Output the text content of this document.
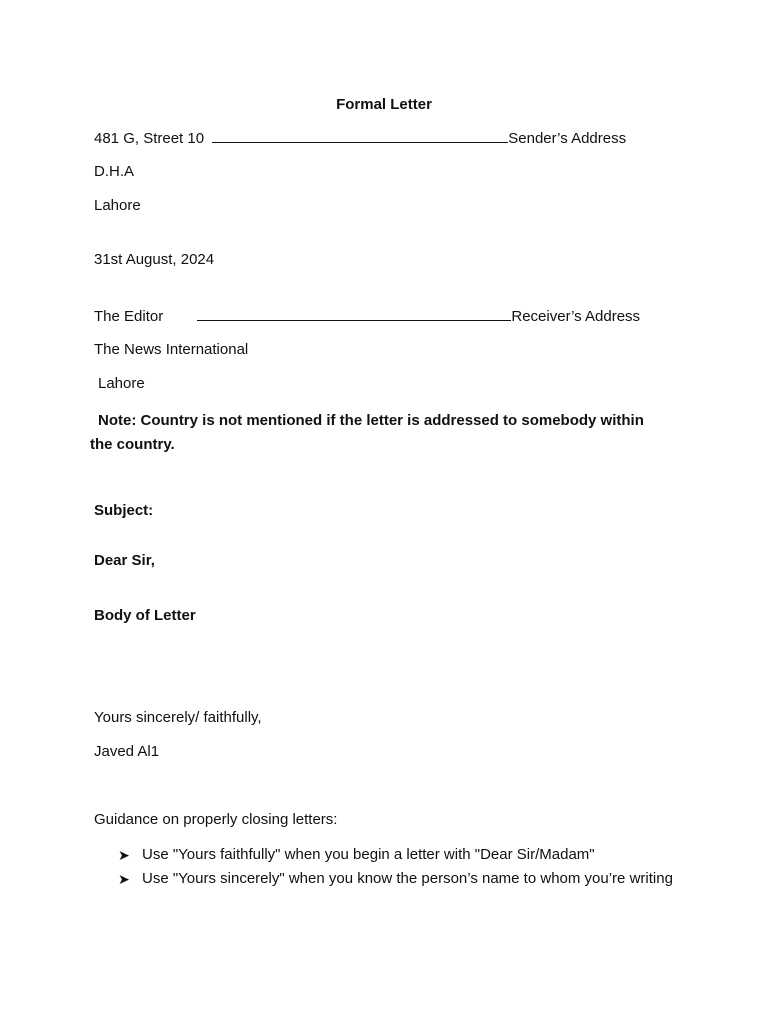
Formal Letter
481 G, Street 10	Sender’s Address
D.H.A
Lahore
31st August, 2024
The Editor	Receiver’s Address
The News International
Lahore
Note: Country is not mentioned if the letter is addressed to somebody within the country.
Subject:
Dear Sir,
Body of Letter
Yours sincerely/ faithfully,
Javed Al1
Guidance on properly closing letters:
➤ Use "Yours faithfully" when you begin a letter with "Dear Sir/Madam"
➤ Use "Yours sincerely" when you know the person’s name to whom you’re writing
